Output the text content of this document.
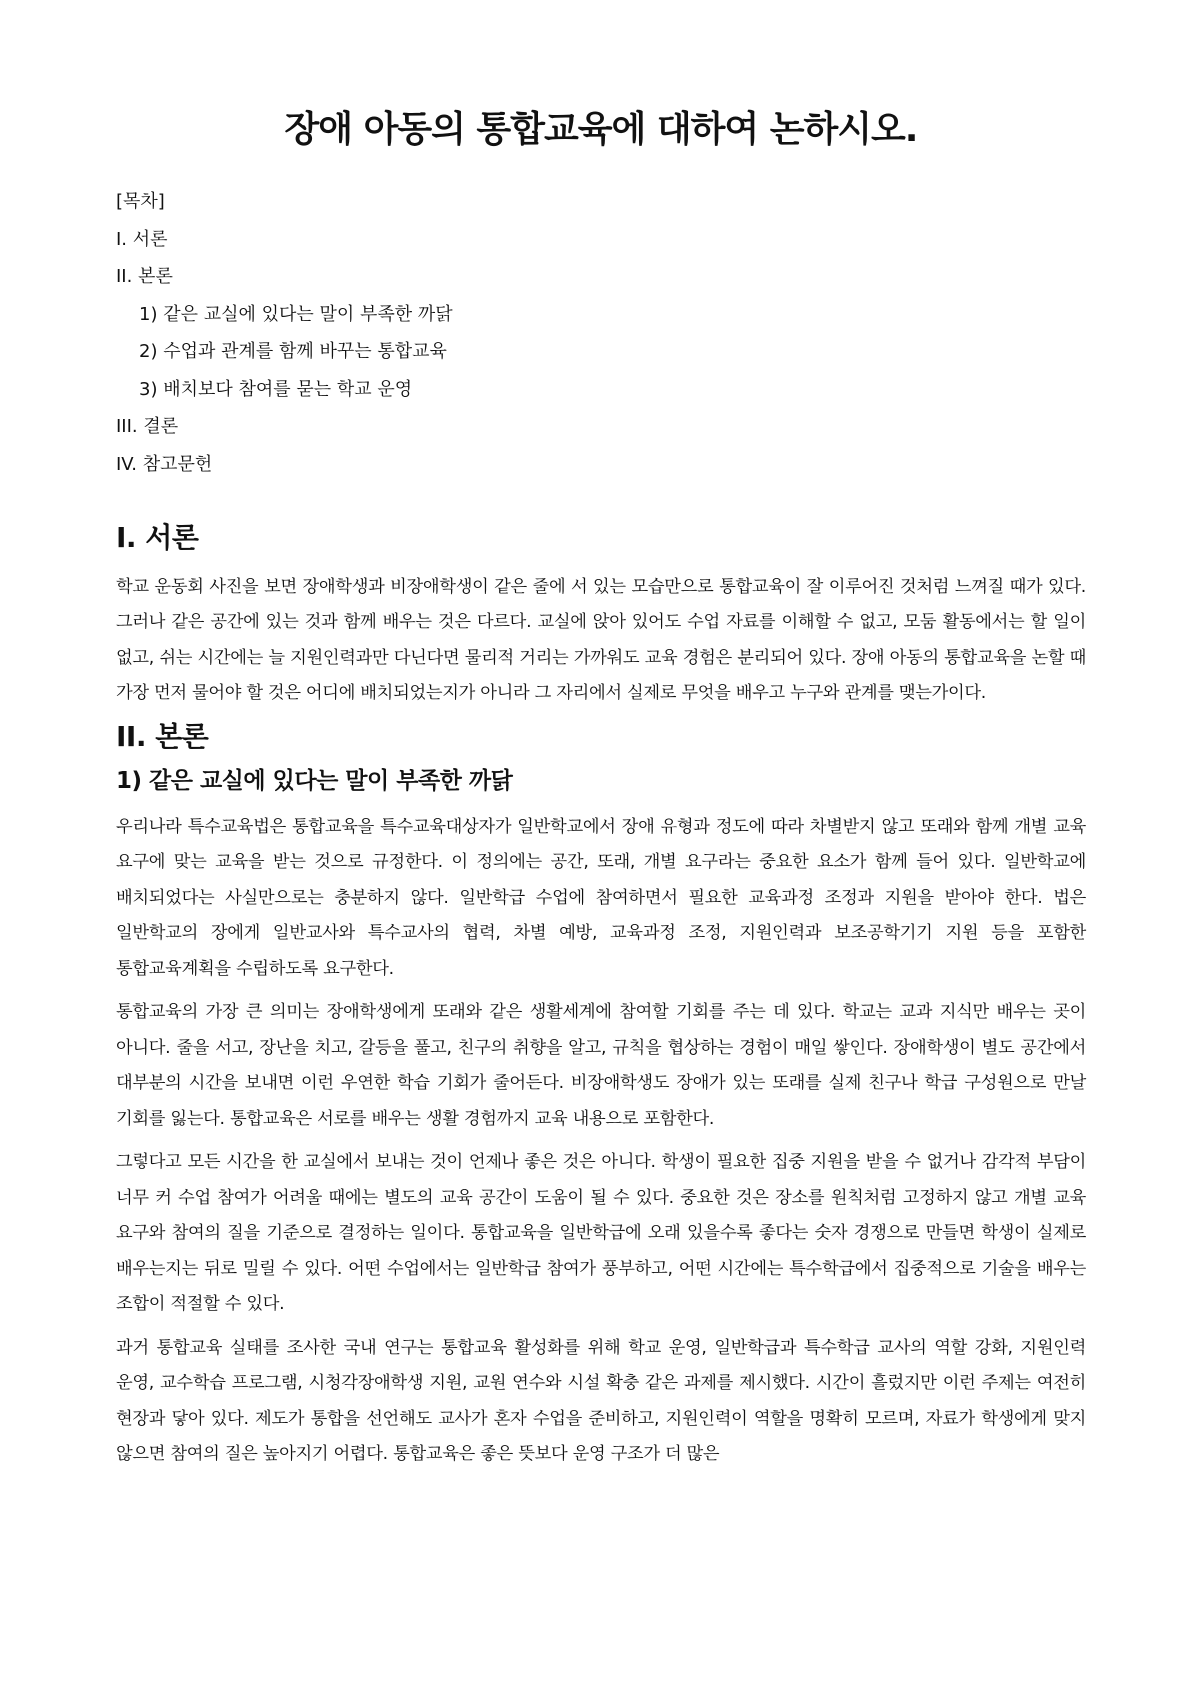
장애 아동의 통합교육에 대하여 논하시오.
[목차]
I. 서론
II. 본론
1) 같은 교실에 있다는 말이 부족한 까닭
2) 수업과 관계를 함께 바꾸는 통합교육
3) 배치보다 참여를 묻는 학교 운영
III. 결론
IV. 참고문헌
I. 서론

학교 운동회 사진을 보면 장애학생과 비장애학생이 같은 줄에 서 있는 모습만으로 통합교육이 잘 이루어진 것처럼 느껴질 때가 있다. 그러나 같은 공간에 있는 것과 함께 배우는 것은 다르다. 교실에 앉아 있어도 수업 자료를 이해할 수 없고, 모둠 활동에서는 할 일이 없고, 쉬는 시간에는 늘 지원인력과만 다닌다면 물리적 거리는 가까워도 교육 경험은 분리되어 있다. 장애 아동의 통합교육을 논할 때 가장 먼저 물어야 할 것은 어디에 배치되었는지가 아니라 그 자리에서 실제로 무엇을 배우고 누구와 관계를 맺는가이다.

II. 본론
1) 같은 교실에 있다는 말이 부족한 까닭

우리나라 특수교육법은 통합교육을 특수교육대상자가 일반학교에서 장애 유형과 정도에 따라 차별받지 않고 또래와 함께 개별 교육 요구에 맞는 교육을 받는 것으로 규정한다. 이 정의에는 공간, 또래, 개별 요구라는 중요한 요소가 함께 들어 있다. 일반학교에 배치되었다는 사실만으로는 충분하지 않다. 일반학급 수업에 참여하면서 필요한 교육과정 조정과 지원을 받아야 한다. 법은 일반학교의 장에게 일반교사와 특수교사의 협력, 차별 예방, 교육과정 조정, 지원인력과 보조공학기기 지원 등을 포함한 통합교육계획을 수립하도록 요구한다.

통합교육의 가장 큰 의미는 장애학생에게 또래와 같은 생활세계에 참여할 기회를 주는 데 있다. 학교는 교과 지식만 배우는 곳이 아니다. 줄을 서고, 장난을 치고, 갈등을 풀고, 친구의 취향을 알고, 규칙을 협상하는 경험이 매일 쌓인다. 장애학생이 별도 공간에서 대부분의 시간을 보내면 이런 우연한 학습 기회가 줄어든다. 비장애학생도 장애가 있는 또래를 실제 친구나 학급 구성원으로 만날 기회를 잃는다. 통합교육은 서로를 배우는 생활 경험까지 교육 내용으로 포함한다.

그렇다고 모든 시간을 한 교실에서 보내는 것이 언제나 좋은 것은 아니다. 학생이 필요한 집중 지원을 받을 수 없거나 감각적 부담이 너무 커 수업 참여가 어려울 때에는 별도의 교육 공간이 도움이 될 수 있다. 중요한 것은 장소를 원칙처럼 고정하지 않고 개별 교육 요구와 참여의 질을 기준으로 결정하는 일이다. 통합교육을 일반학급에 오래 있을수록 좋다는 숫자 경쟁으로 만들면 학생이 실제로 배우는지는 뒤로 밀릴 수 있다. 어떤 수업에서는 일반학급 참여가 풍부하고, 어떤 시간에는 특수학급에서 집중적으로 기술을 배우는 조합이 적절할 수 있다.

과거 통합교육 실태를 조사한 국내 연구는 통합교육 활성화를 위해 학교 운영, 일반학급과 특수학급 교사의 역할 강화, 지원인력 운영, 교수학습 프로그램, 시청각장애학생 지원, 교원 연수와 시설 확충 같은 과제를 제시했다. 시간이 흘렀지만 이런 주제는 여전히 현장과 닿아 있다. 제도가 통합을 선언해도 교사가 혼자 수업을 준비하고, 지원인력이 역할을 명확히 모르며, 자료가 학생에게 맞지 않으면 참여의 질은 높아지기 어렵다. 통합교육은 좋은 뜻보다 운영 구조가 더 많은
